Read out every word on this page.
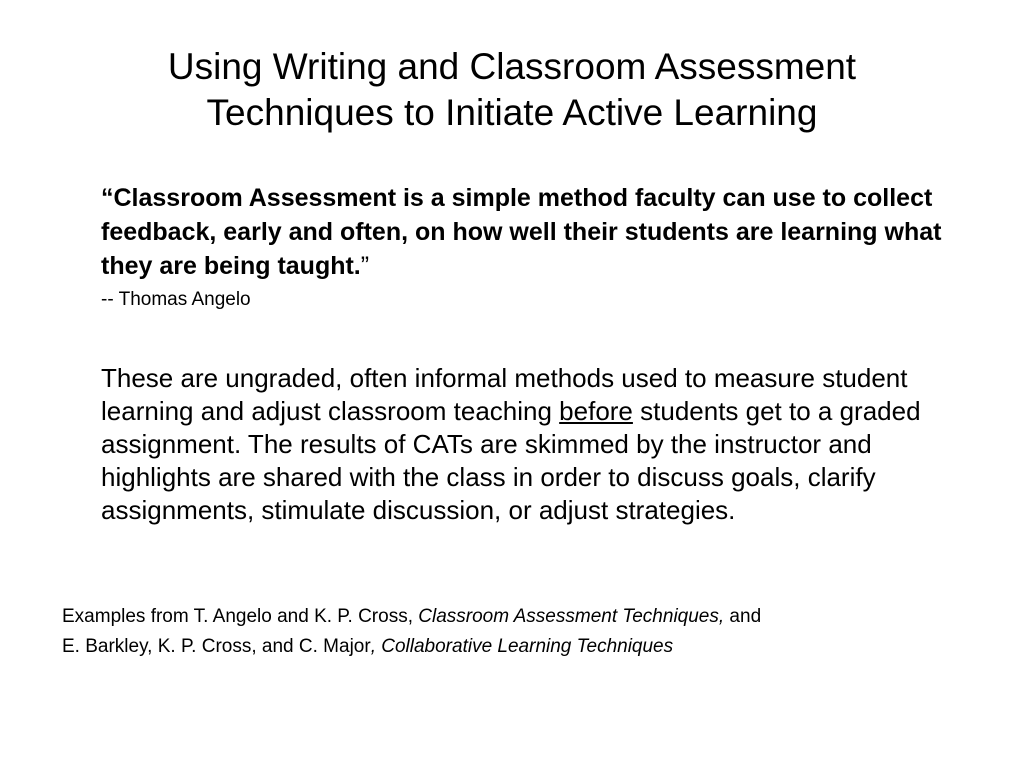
Using Writing and Classroom Assessment
Techniques to Initiate Active Learning

“Classroom Assessment is a simple method faculty can use to collect feedback, early and often, on how well their students are learning what they are being taught.”

-- Thomas Angelo

These are ungraded, often informal methods used to measure student learning and adjust classroom teaching before students get to a graded assignment. The results of CATs are skimmed by the instructor and highlights are shared with the class in order to discuss goals, clarify assignments, stimulate discussion, or adjust strategies.

Examples from T. Angelo and K. P. Cross, Classroom Assessment Techniques, and
E. Barkley, K. P. Cross, and C. Major, Collaborative Learning Techniques
